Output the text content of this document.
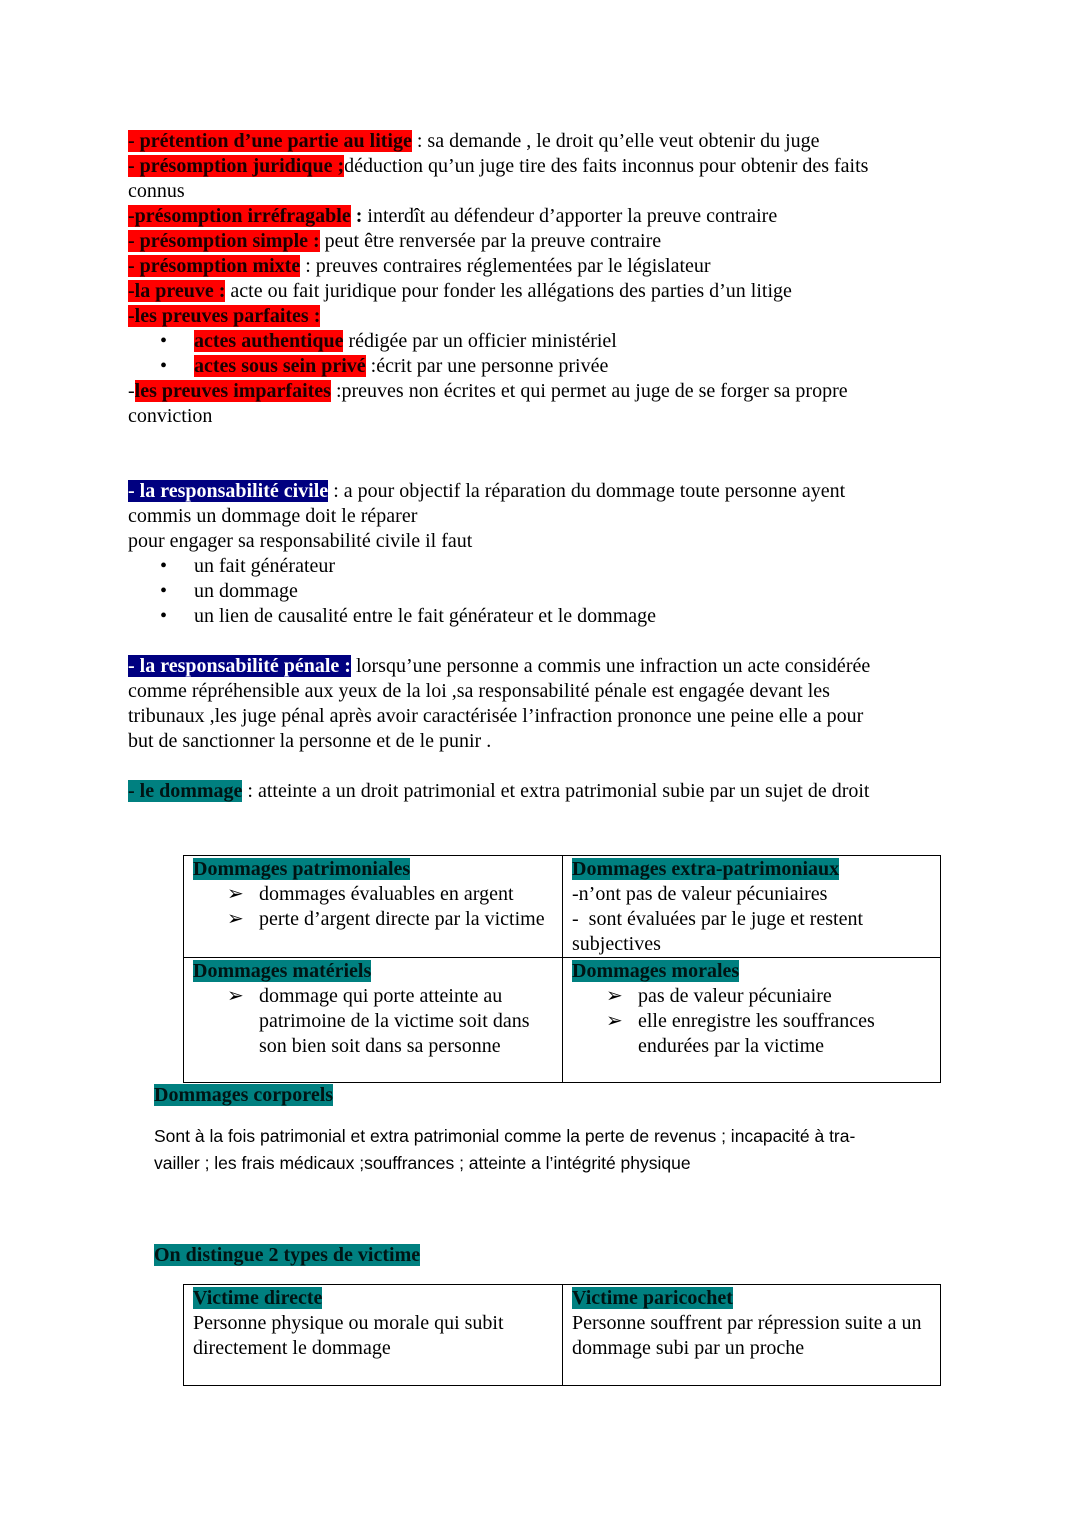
- prétention d’une partie au litige : sa demande , le droit qu’elle veut obtenir du juge
- présomption juridique ;déduction qu’un juge tire des faits inconnus pour obtenir des faits
connus
-présomption irréfragable : interdît au défendeur d’apporter la preuve contraire
- présomption simple : peut être renversée par la preuve contraire
- présomption mixte : preuves contraires réglementées par le législateur
-la preuve : acte ou fait juridique pour fonder les allégations des parties d’un litige
-les preuves parfaites :
• actes authentique rédigée par un officier ministériel
• actes sous sein privé :écrit par une personne privée
-les preuves imparfaites :preuves non écrites et qui permet au juge de se forger sa propre
conviction
- la responsabilité civile : a pour objectif la réparation du dommage toute personne ayent
commis un dommage doit le réparer
pour engager sa responsabilité civile il faut
• un fait générateur
• un dommage
• un lien de causalité entre le fait générateur et le dommage
- la responsabilité pénale : lorsqu’une personne a commis une infraction un acte considérée
comme répréhensible aux yeux de la loi ,sa responsabilité pénale est engagée devant les
tribunaux ,les juge pénal après avoir caractérisée l’infraction prononce une peine elle a pour
but de sanctionner la personne et de le punir .
- le dommage : atteinte a un droit patrimonial et extra patrimonial subie par un sujet de droit
Dommages patrimoniales
➢ dommages évaluables en argent
➢ perte d’argent directe par la victime
	Dommages extra-patrimoniaux
-n’ont pas de valeur pécuniaires
-  sont évaluées par le juge et restent subjectives

Dommages matériels
➢ dommage qui porte atteinte au patrimoine de la victime soit dans son bien soit dans sa personne
	Dommages morales
➢ pas de valeur pécuniaire
➢ elle enregistre les souffrances endurées par la victime
Dommages corporels
Sont à la fois patrimonial et extra patrimonial comme la perte de revenus ; incapacité à tra-
vailler ; les frais médicaux ;souffrances ; atteinte a l’intégrité physique
On distingue 2 types de victime
Victime directe
Personne physique ou morale qui subit directement le dommage
	Victime paricochet
Personne souffrent par répression suite a un dommage subi par un proche
